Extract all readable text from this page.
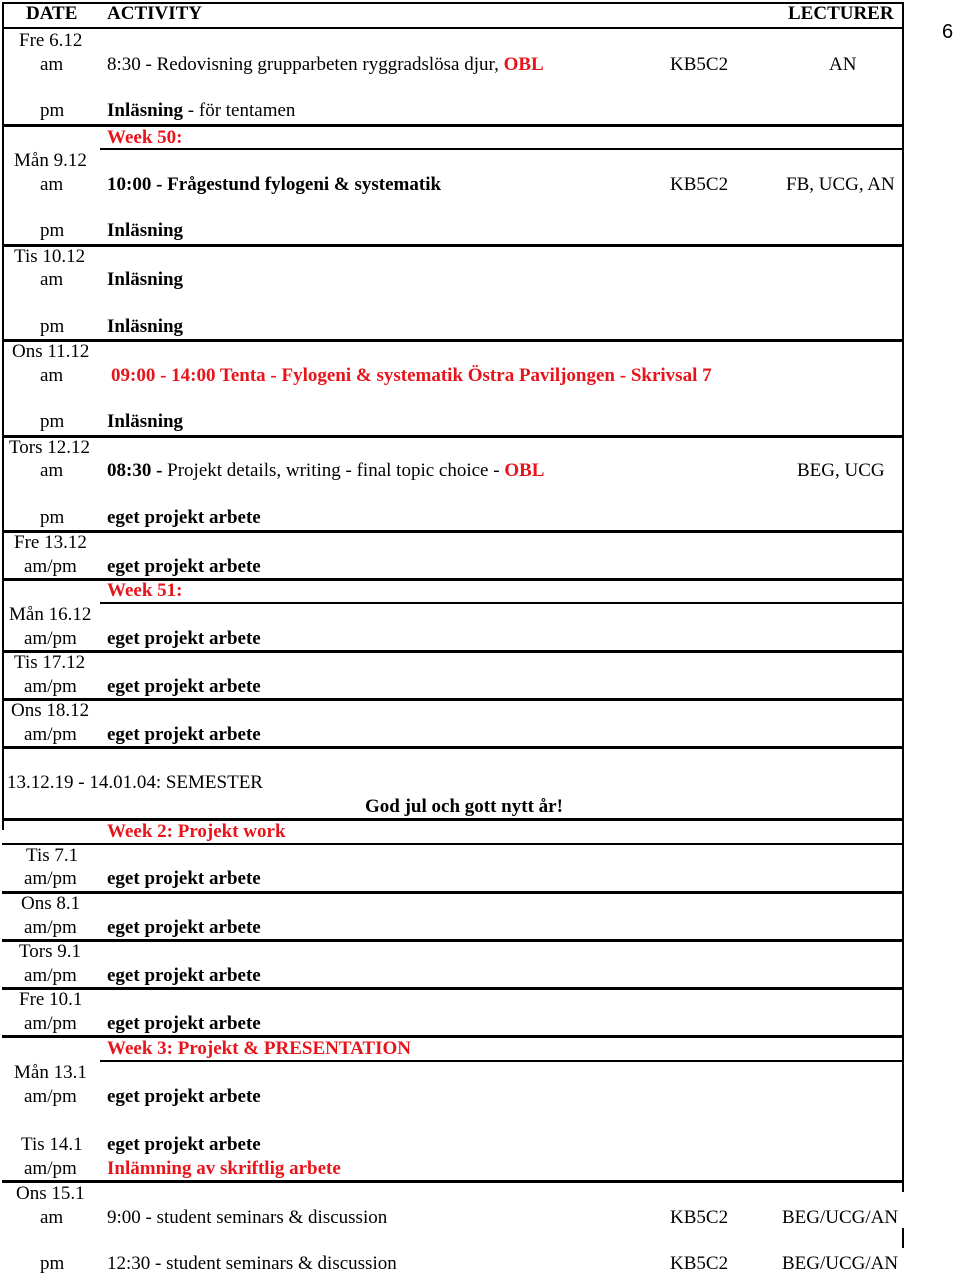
6
DATE ACTIVITY	LECTURER
Fre 6.12
am 8:30 - Redovisning grupparbeten ryggradslösa djur, OBL	KB5C2	AN
pm Inläsning - för tentamen
Week 50:
Mån 9.12
am 10:00 - Frågestund fylogeni & systematik	KB5C2	FB, UCG, AN
pm Inläsning
Tis 10.12
am Inläsning
pm Inläsning
Ons 11.12
am	09:00 - 14:00 Tenta - Fylogeni & systematik Östra Paviljongen - Skrivsal 7
pm Inläsning
Tors 12.12
am 08:30 - Projekt details, writing - final topic choice - OBL	BEG, UCG
pm eget projekt arbete
Fre 13.12
am/pm eget projekt arbete
Week 51:
Mån 16.12
am/pm eget projekt arbete
Tis 17.12
am/pm eget projekt arbete
Ons 18.12
am/pm eget projekt arbete
13.12.19 - 14.01.04: SEMESTER
God jul och gott nytt år!
Week 2: Projekt work
Tis 7.1
am/pm eget projekt arbete
Ons 8.1
am/pm eget projekt arbete
Tors 9.1
am/pm eget projekt arbete
Fre 10.1
am/pm eget projekt arbete
Week 3: Projekt & PRESENTATION
Mån 13.1
am/pm eget projekt arbete
Tis 14.1 eget projekt arbete
am/pm Inlämning av skriftlig arbete
Ons 15.1
am 9:00 - student seminars & discussion	KB5C2	BEG/UCG/AN
pm 12:30 - student seminars & discussion	KB5C2	BEG/UCG/AN
